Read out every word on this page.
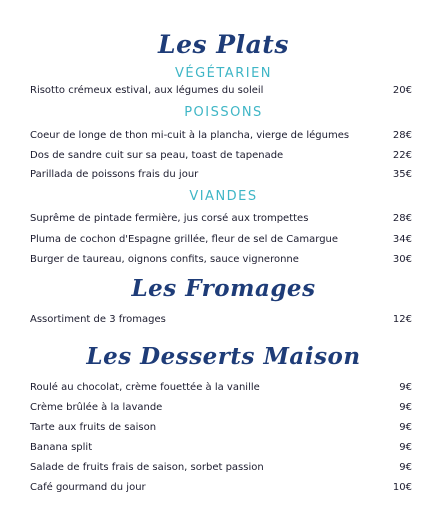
Les Plats
VÉGÉTARIEN
Risotto crémeux estival, aux légumes du soleil	20€
POISSONS
Coeur de longe de thon mi-cuit à la plancha, vierge de légumes	28€
Dos de sandre cuit sur sa peau, toast de tapenade	22€
Parillada de poissons frais du jour	35€
VIANDES
Suprême de pintade fermière, jus corsé aux trompettes	28€
Pluma de cochon d'Espagne grillée, fleur de sel de Camargue	34€
Burger de taureau, oignons confits, sauce vigneronne	30€
Les Fromages
Assortiment de 3 fromages	12€
Les Desserts Maison
Roulé au chocolat, crème fouettée à la vanille	9€
Crème brûlée à la lavande	9€
Tarte aux fruits de saison	9€
Banana split	9€
Salade de fruits frais de saison, sorbet passion	9€
Café gourmand du jour	10€
